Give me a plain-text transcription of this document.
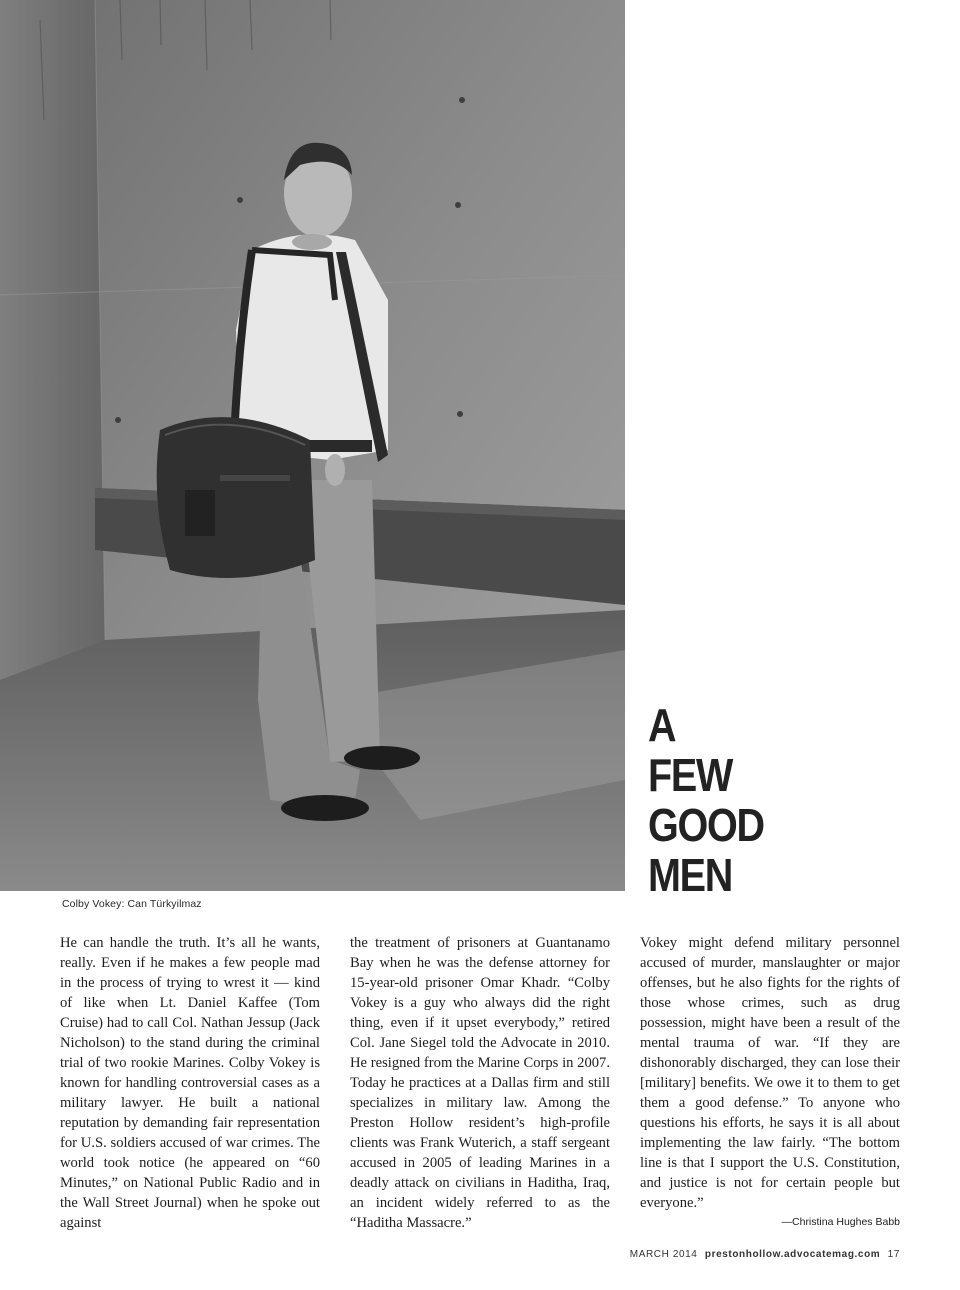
Colby Vokey: Can Türkyilmaz
A
FEW
GOOD
MEN
He can handle the truth. It’s all he wants, really. Even if he makes a few people mad in the process of trying to wrest it — kind of like when Lt. Daniel Kaffee (Tom Cruise) had to call Col. Nathan Jessup (Jack Nicholson) to the stand during the criminal trial of two rookie Marines. Colby Vokey is known for handling controversial cases as a military lawyer. He built a national reputation by demanding fair representation for U.S. soldiers accused of war crimes. The world took notice (he appeared on “60 Minutes,” on National Public Radio and in the Wall Street Journal) when he spoke out against
the treatment of prisoners at Guantanamo Bay when he was the defense attorney for 15-year-old prisoner Omar Khadr. “Colby Vokey is a guy who always did the right thing, even if it upset everybody,” retired Col. Jane Siegel told the Advocate in 2010. He resigned from the Marine Corps in 2007. Today he practices at a Dallas firm and still specializes in military law. Among the Preston Hollow resident’s high-profile clients was Frank Wuterich, a staff sergeant accused in 2005 of leading Marines in a deadly attack on civilians in Haditha, Iraq, an incident widely referred to as the “Haditha Massacre.”
Vokey might defend military personnel accused of murder, manslaughter or major offenses, but he also fights for the rights of those whose crimes, such as drug possession, might have been a result of the mental trauma of war. “If they are dishonorably discharged, they can lose their [military] benefits. We owe it to them to get them a good defense.” To anyone who questions his efforts, he says it is all about implementing the law fairly. “The bottom line is that I support the U.S. Constitution, and justice is not for certain people but everyone.”
—Christina Hughes Babb
MARCH 2014 prestonhollow.advocatemag.com 17
